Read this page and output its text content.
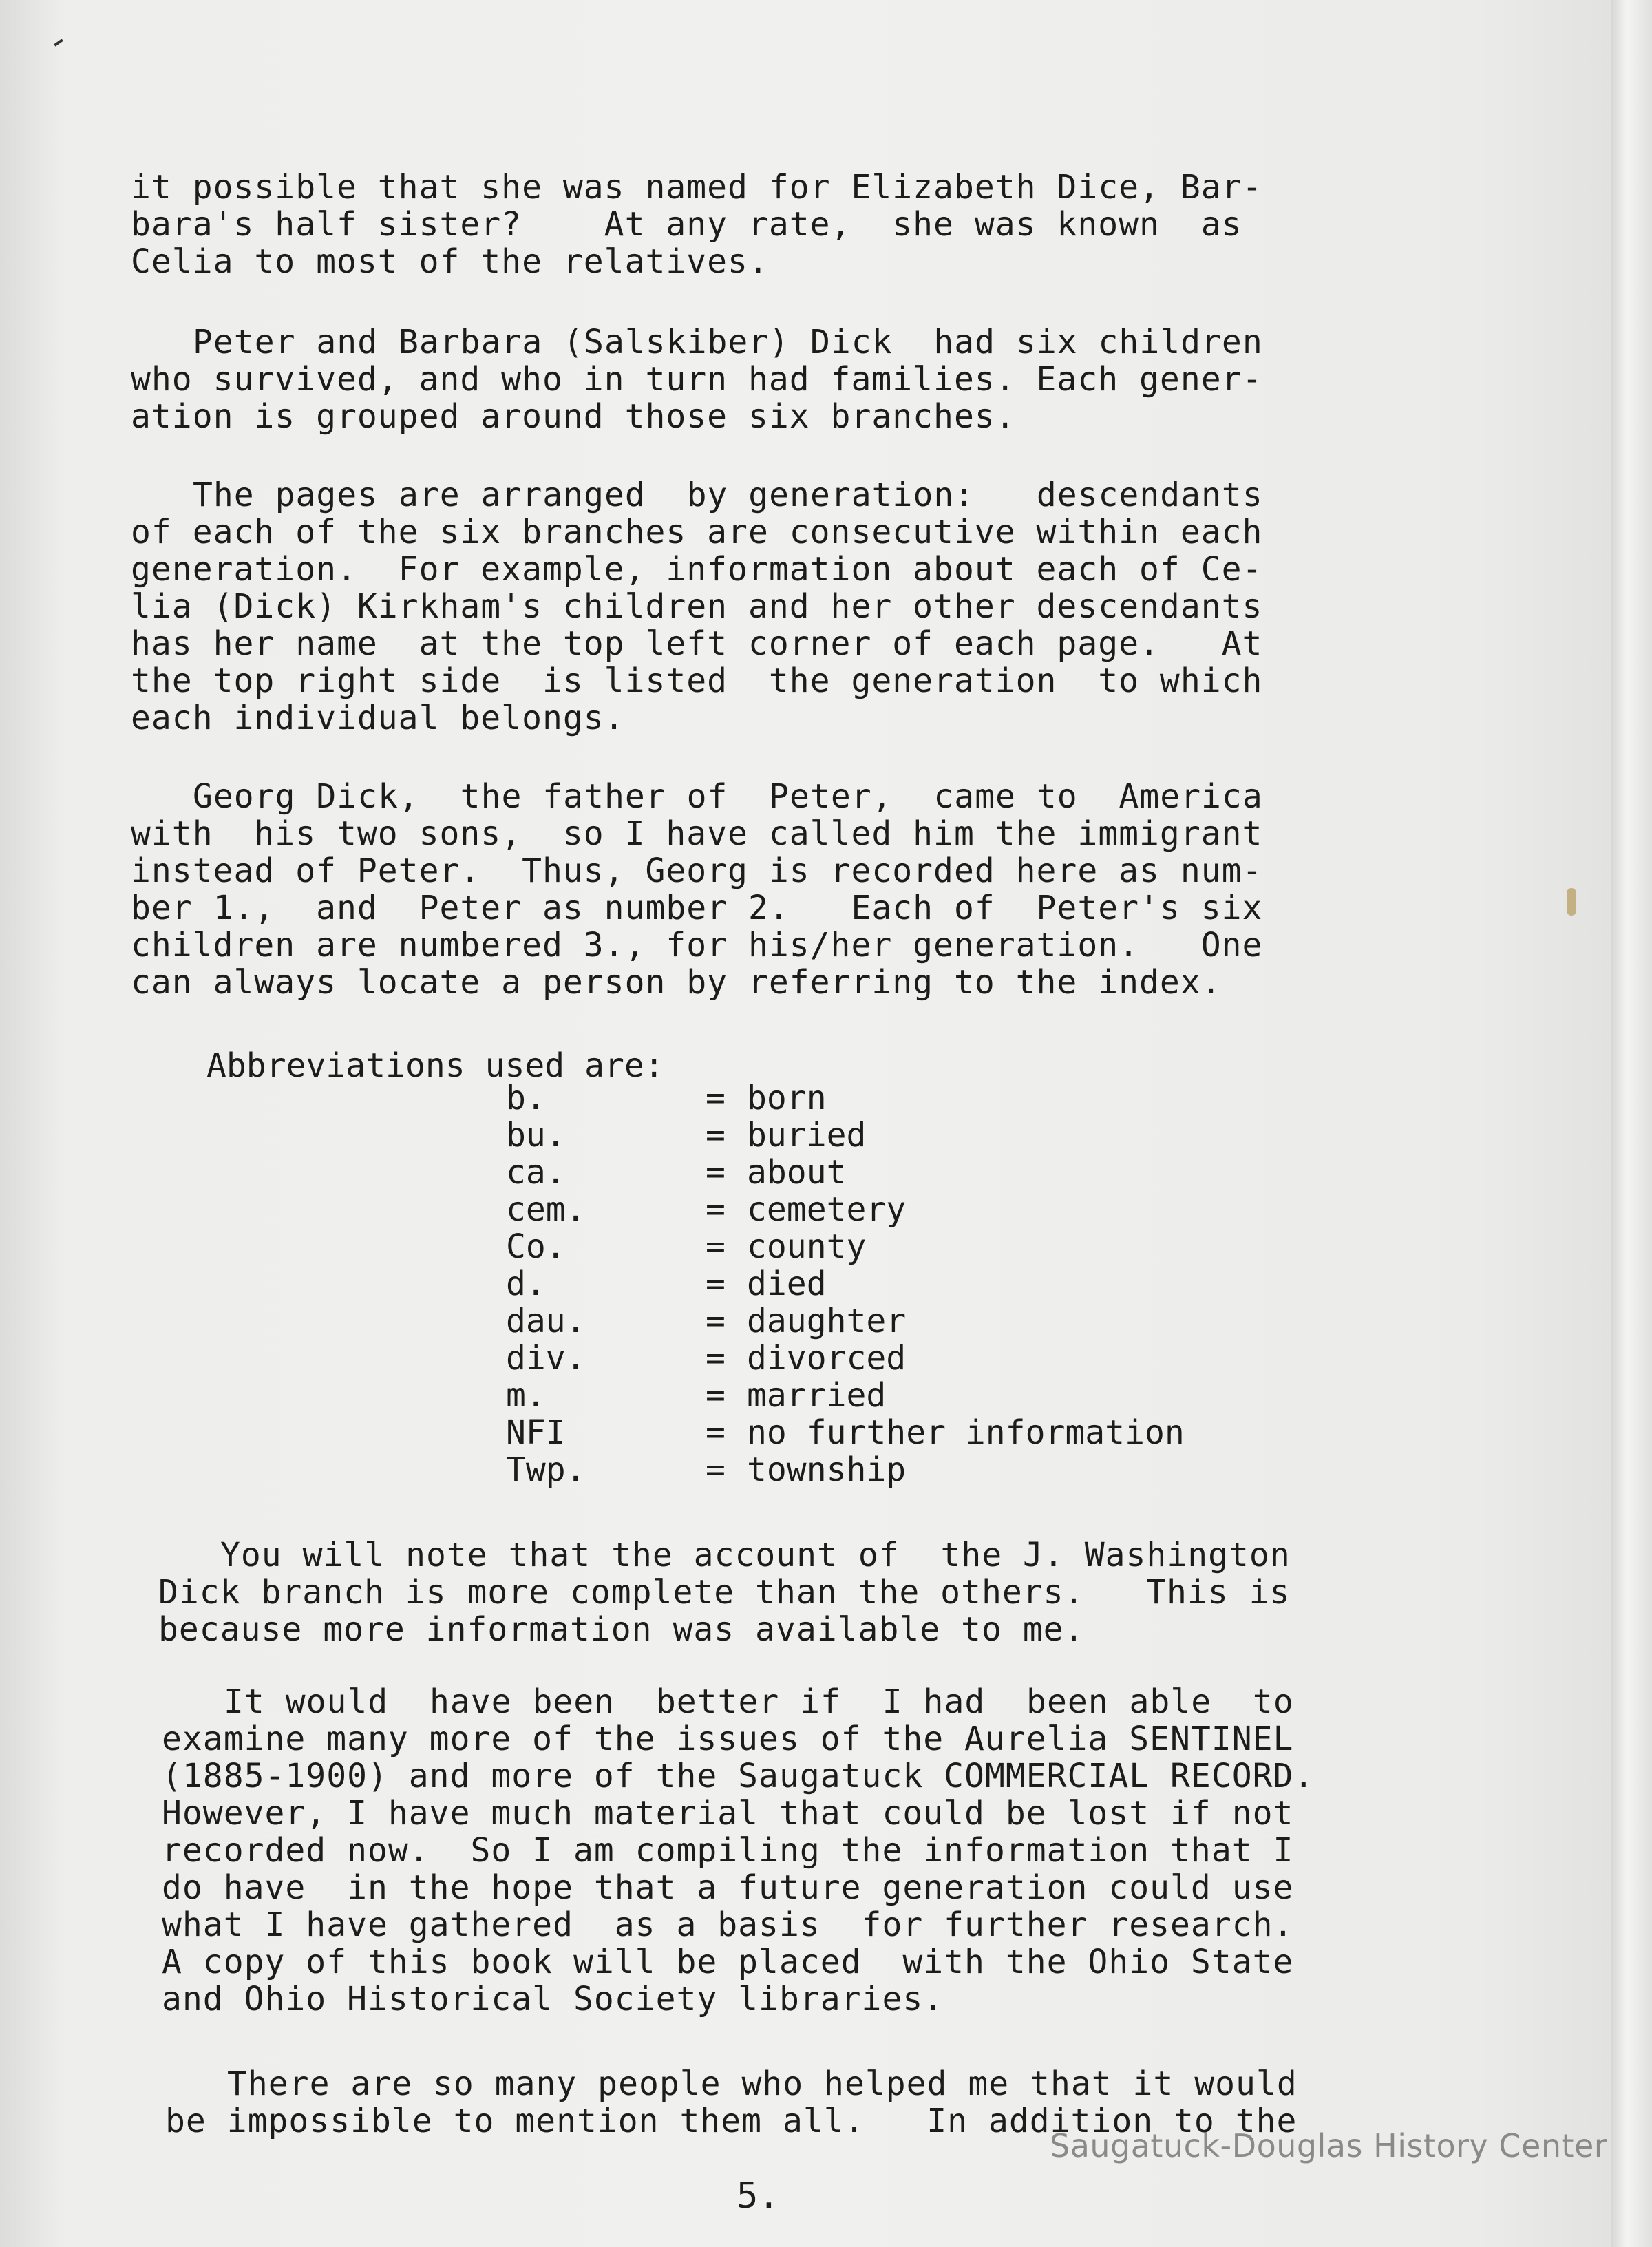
it possible that she was named for Elizabeth Dice, Bar-
bara's half sister?    At any rate,  she was known  as
Celia to most of the relatives.
Peter and Barbara (Salskiber) Dick  had six children
who survived, and who in turn had families. Each gener-
ation is grouped around those six branches.
The pages are arranged  by generation:   descendants
of each of the six branches are consecutive within each
generation.  For example, information about each of Ce-
lia (Dick) Kirkham's children and her other descendants
has her name  at the top left corner of each page.   At
the top right side  is listed  the generation  to which
each individual belongs.
Georg Dick,  the father of  Peter,  came to  America
with  his two sons,  so I have called him the immigrant
instead of Peter.  Thus, Georg is recorded here as num-
ber 1.,  and  Peter as number 2.   Each of  Peter's six
children are numbered 3., for his/her generation.   One
can always locate a person by referring to the index.
Abbreviations used are:
b.	= born
bu.	= buried
ca.	= about
cem.	= cemetery
Co.	= county
d.	= died
dau.	= daughter
div.	= divorced
m.	= married
NFI	= no further information
Twp.	= township
You will note that the account of  the J. Washington
Dick branch is more complete than the others.   This is
because more information was available to me.
It would  have been  better if  I had  been able  to
examine many more of the issues of the Aurelia SENTINEL
(1885-1900) and more of the Saugatuck COMMERCIAL RECORD.
However, I have much material that could be lost if not
recorded now.  So I am compiling the information that I
do have  in the hope that a future generation could use
what I have gathered  as a basis  for further research.
A copy of this book will be placed  with the Ohio State
and Ohio Historical Society libraries.
There are so many people who helped me that it would
be impossible to mention them all.   In addition to the
5.
Saugatuck-Douglas History Center
